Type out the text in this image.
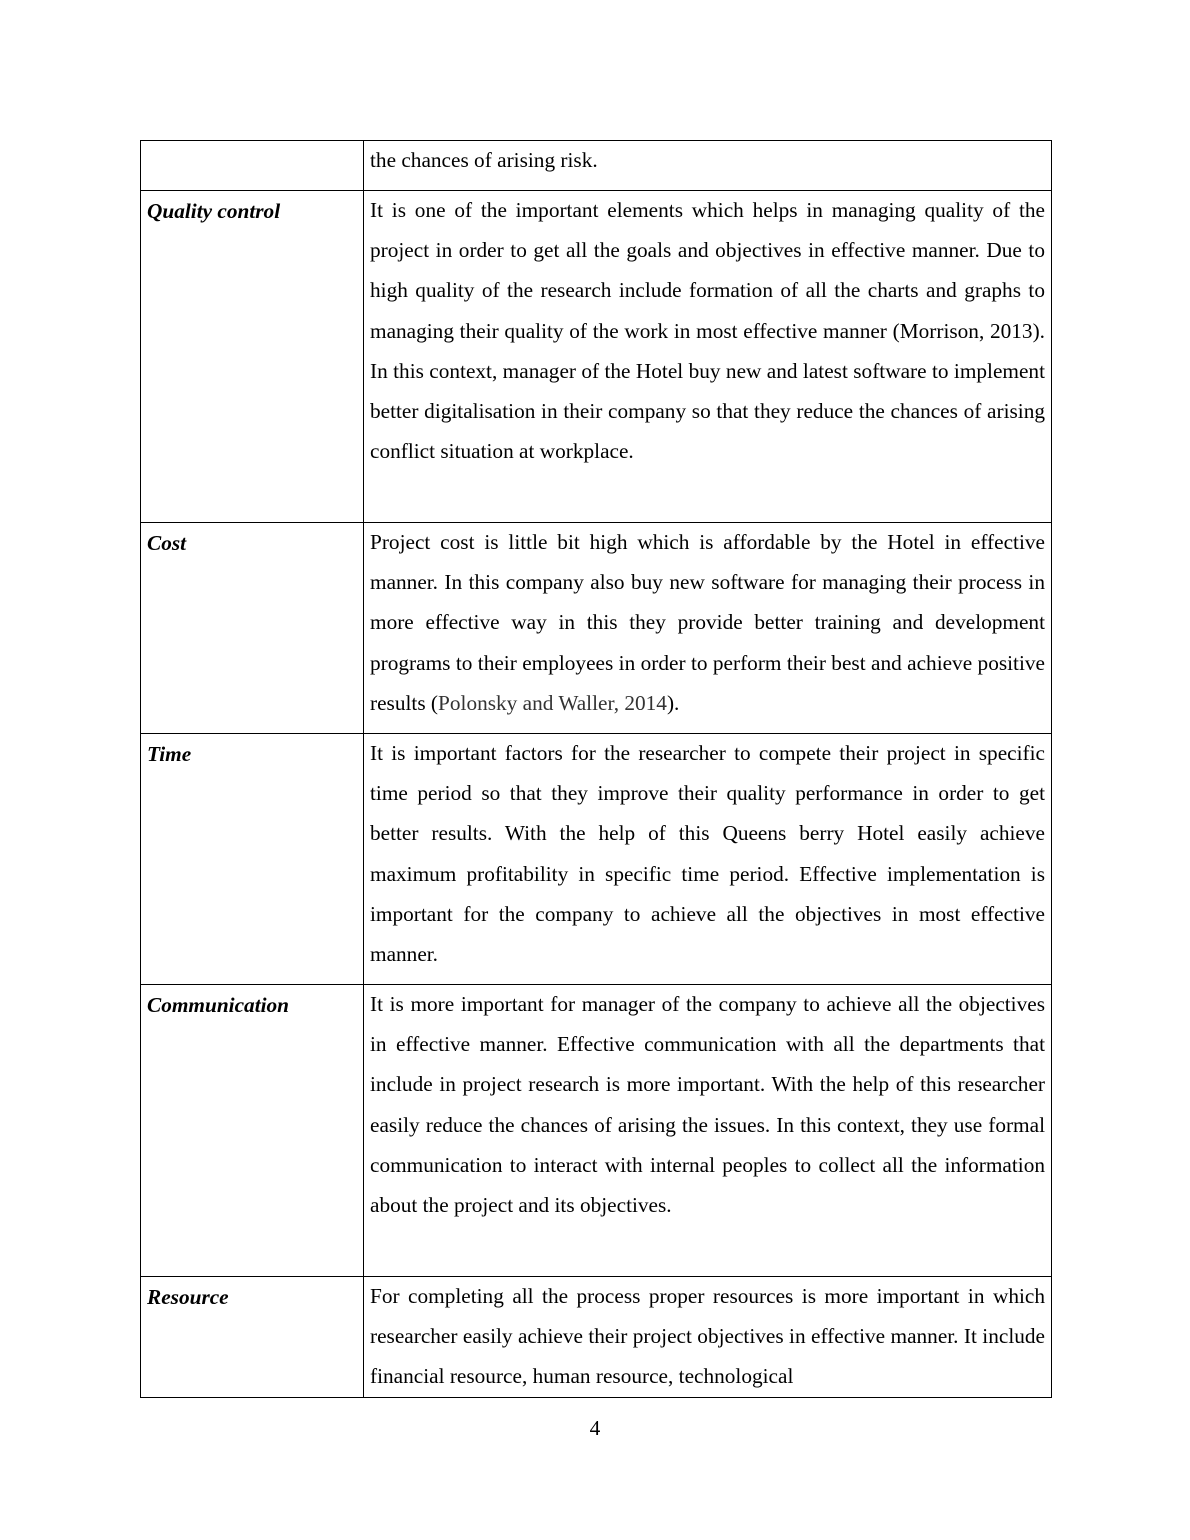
	the chances of arising risk.

Quality control	It is one of the important elements which helps in managing quality of the project in order to get all the goals and objectives in effective manner. Due to high quality of the research include formation of all the charts and graphs to managing their quality of the work in most effective manner (Morrison, 2013). In this context, manager of the Hotel buy new and latest software to implement better digitalisation in their company so that they reduce the chances of arising conflict situation at workplace.

Cost	Project cost is little bit high which is affordable by the Hotel in effective manner. In this company also buy new software for managing their process in more effective way in this they provide better training and development programs to their employees in order to perform their best and achieve positive results (Polonsky and Waller, 2014).

Time	It is important factors for the researcher to compete their project in specific time period so that they improve their quality performance in order to get better results. With the help of this Queens berry Hotel easily achieve maximum profitability in specific time period. Effective implementation is important for the company to achieve all the objectives in most effective manner.

Communication	It is more important for manager of the company to achieve all the objectives in effective manner. Effective communication with all the departments that include in project research is more important. With the help of this researcher easily reduce the chances of arising the issues. In this context, they use formal communication to interact with internal peoples to collect all the information about the project and its objectives.

Resource	For completing all the process proper resources is more important in which researcher easily achieve their project objectives in effective manner. It include financial resource, human resource, technological
4
